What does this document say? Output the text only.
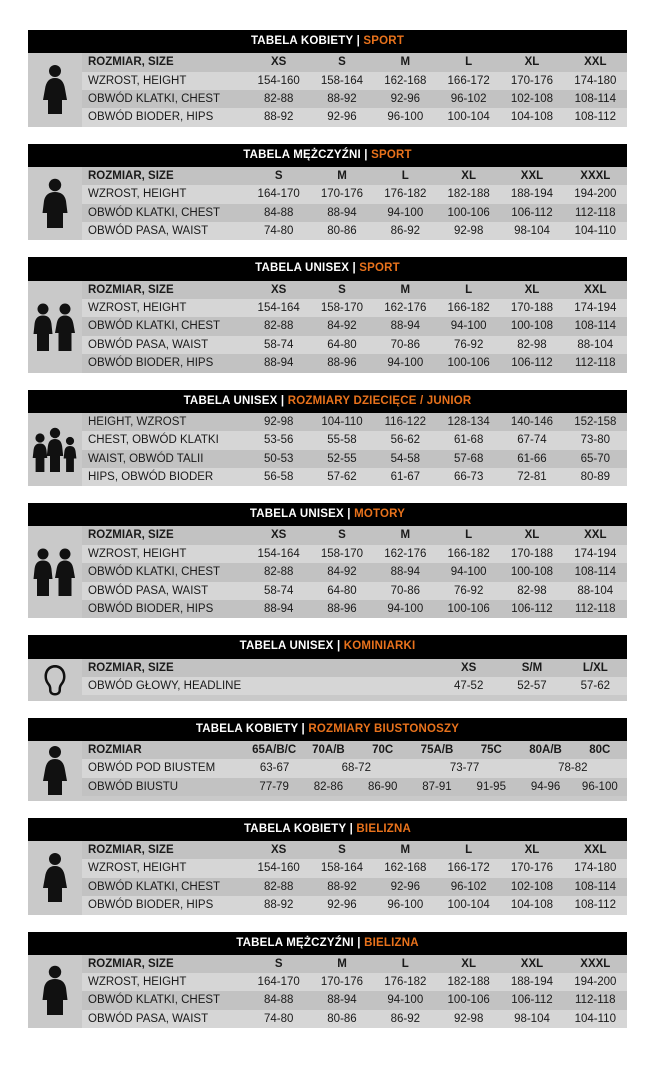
TABELA KOBIETY | SPORT
ROZMIAR, SIZE	XS	S	M	L	XL	XXL
WZROST, HEIGHT	154-160	158-164	162-168	166-172	170-176	174-180
OBWÓD KLATKI, CHEST	82-88	88-92	92-96	96-102	102-108	108-114
OBWÓD BIODER, HIPS	88-92	92-96	96-100	100-104	104-108	108-112
TABELA MĘŻCZYŹNI | SPORT
ROZMIAR, SIZE	S	M	L	XL	XXL	XXXL
WZROST, HEIGHT	164-170	170-176	176-182	182-188	188-194	194-200
OBWÓD KLATKI, CHEST	84-88	88-94	94-100	100-106	106-112	112-118
OBWÓD PASA, WAIST	74-80	80-86	86-92	92-98	98-104	104-110
TABELA UNISEX | SPORT
ROZMIAR, SIZE	XS	S	M	L	XL	XXL
WZROST, HEIGHT	154-164	158-170	162-176	166-182	170-188	174-194
OBWÓD KLATKI, CHEST	82-88	84-92	88-94	94-100	100-108	108-114
OBWÓD PASA, WAIST	58-74	64-80	70-86	76-92	82-98	88-104
OBWÓD BIODER, HIPS	88-94	88-96	94-100	100-106	106-112	112-118
TABELA UNISEX | ROZMIARY DZIECIĘCE / JUNIOR
HEIGHT, WZROST	92-98	104-110	116-122	128-134	140-146	152-158
CHEST, OBWÓD KLATKI	53-56	55-58	56-62	61-68	67-74	73-80
WAIST, OBWÓD TALII	50-53	52-55	54-58	57-68	61-66	65-70
HIPS, OBWÓD BIODER	56-58	57-62	61-67	66-73	72-81	80-89
TABELA UNISEX | MOTORY
ROZMIAR, SIZE	XS	S	M	L	XL	XXL
WZROST, HEIGHT	154-164	158-170	162-176	166-182	170-188	174-194
OBWÓD KLATKI, CHEST	82-88	84-92	88-94	94-100	100-108	108-114
OBWÓD PASA, WAIST	58-74	64-80	70-86	76-92	82-98	88-104
OBWÓD BIODER, HIPS	88-94	88-96	94-100	100-106	106-112	112-118
TABELA UNISEX | KOMINIARKI
ROZMIAR, SIZE	XS	S/M	L/XL
OBWÓD GŁOWY, HEADLINE	47-52	52-57	57-62
TABELA KOBIETY | ROZMIARY BIUSTONOSZY
ROZMIAR	65A/B/C	70A/B	70C	75A/B	75C	80A/B	80C
OBWÓD POD BIUSTEM	63-67	68-72	73-77	78-82
OBWÓD BIUSTU	77-79	82-86	86-90	87-91	91-95	94-96	96-100
TABELA KOBIETY | BIELIZNA
ROZMIAR, SIZE	XS	S	M	L	XL	XXL
WZROST, HEIGHT	154-160	158-164	162-168	166-172	170-176	174-180
OBWÓD KLATKI, CHEST	82-88	88-92	92-96	96-102	102-108	108-114
OBWÓD BIODER, HIPS	88-92	92-96	96-100	100-104	104-108	108-112
TABELA MĘŻCZYŹNI | BIELIZNA
ROZMIAR, SIZE	S	M	L	XL	XXL	XXXL
WZROST, HEIGHT	164-170	170-176	176-182	182-188	188-194	194-200
OBWÓD KLATKI, CHEST	84-88	88-94	94-100	100-106	106-112	112-118
OBWÓD PASA, WAIST	74-80	80-86	86-92	92-98	98-104	104-110
